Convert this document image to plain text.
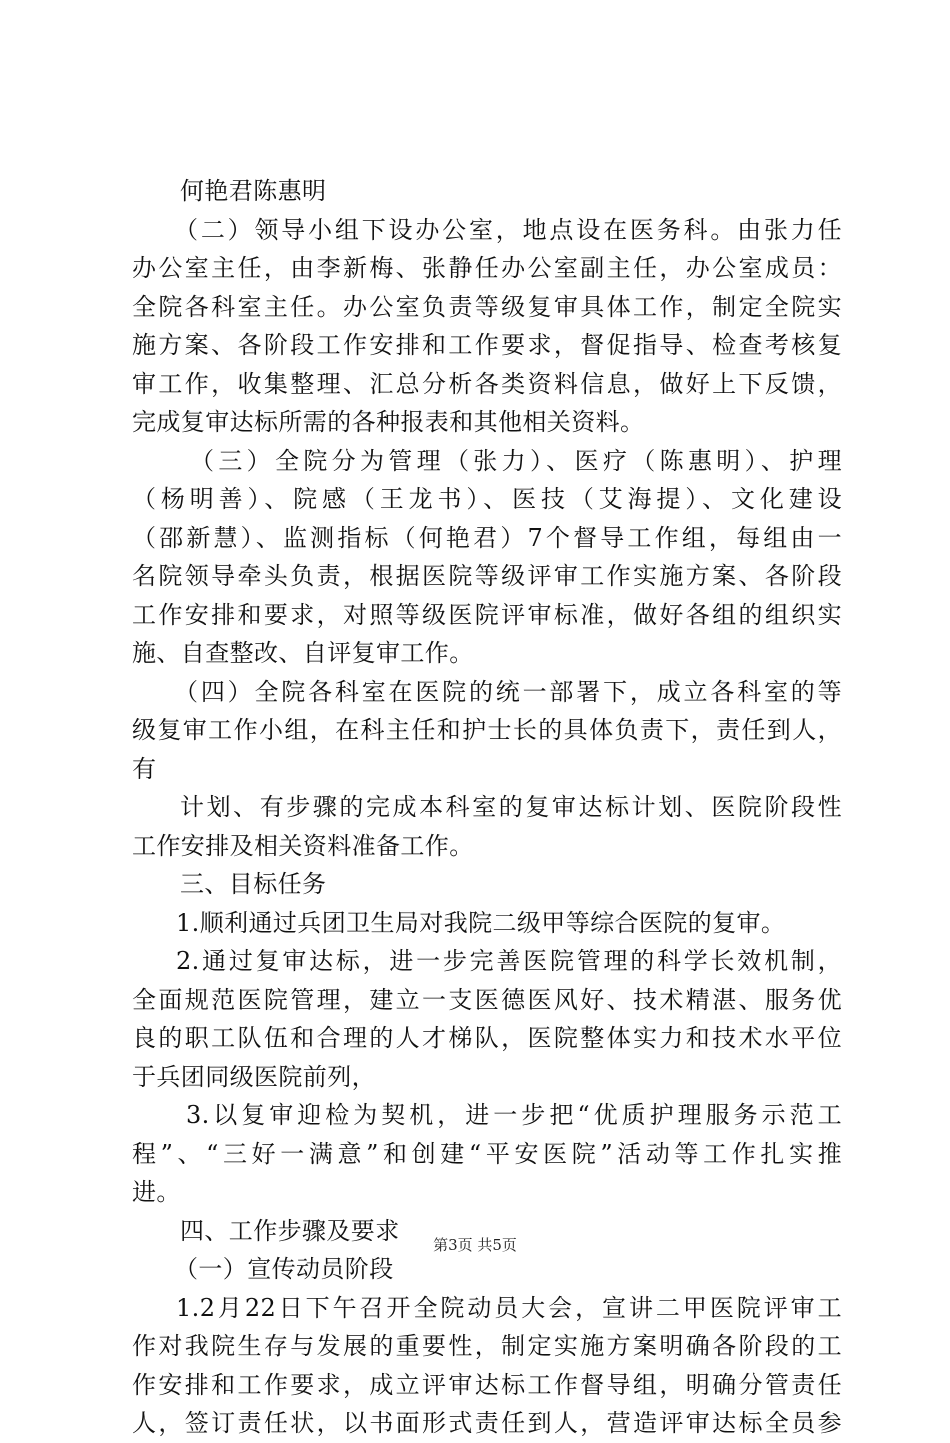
何艳君陈惠明
（二）领导小组下设办公室，地点设在医务科。由张力任
办公室主任，由李新梅、张静任办公室副主任，办公室成员：
全院各科室主任。办公室负责等级复审具体工作，制定全院实
施方案、各阶段工作安排和工作要求，督促指导、检查考核复
审工作，收集整理、汇总分析各类资料信息，做好上下反馈，
完成复审达标所需的各种报表和其他相关资料。
（三）全院分为管理（张力）、医疗（陈惠明）、护理
（杨明善）、院感（王龙书）、医技（艾海提）、文化建设
（邵新慧）、监测指标（何艳君）7个督导工作组，每组由一
名院领导牵头负责，根据医院等级评审工作实施方案、各阶段
工作安排和要求，对照等级医院评审标准，做好各组的组织实
施、自查整改、自评复审工作。
（四）全院各科室在医院的统一部署下，成立各科室的等
级复审工作小组，在科主任和护士长的具体负责下，责任到人，
有
计划、有步骤的完成本科室的复审达标计划、医院阶段性
工作安排及相关资料准备工作。
三、目标任务
1.顺利通过兵团卫生局对我院二级甲等综合医院的复审。
2.通过复审达标，进一步完善医院管理的科学长效机制，
全面规范医院管理，建立一支医德医风好、技术精湛、服务优
良的职工队伍和合理的人才梯队，医院整体实力和技术水平位
于兵团同级医院前列，
3.以复审迎检为契机，进一步把“优质护理服务示范工
程”、“三好一满意”和创建“平安医院”活动等工作扎实推
进。
四、工作步骤及要求
（一）宣传动员阶段
1.2月22日下午召开全院动员大会，宣讲二甲医院评审工
作对我院生存与发展的重要性，制定实施方案明确各阶段的工
作安排和工作要求，成立评审达标工作督导组，明确分管责任
人，签订责任状，以书面形式责任到人，营造评审达标全员参
第3页 共5页
